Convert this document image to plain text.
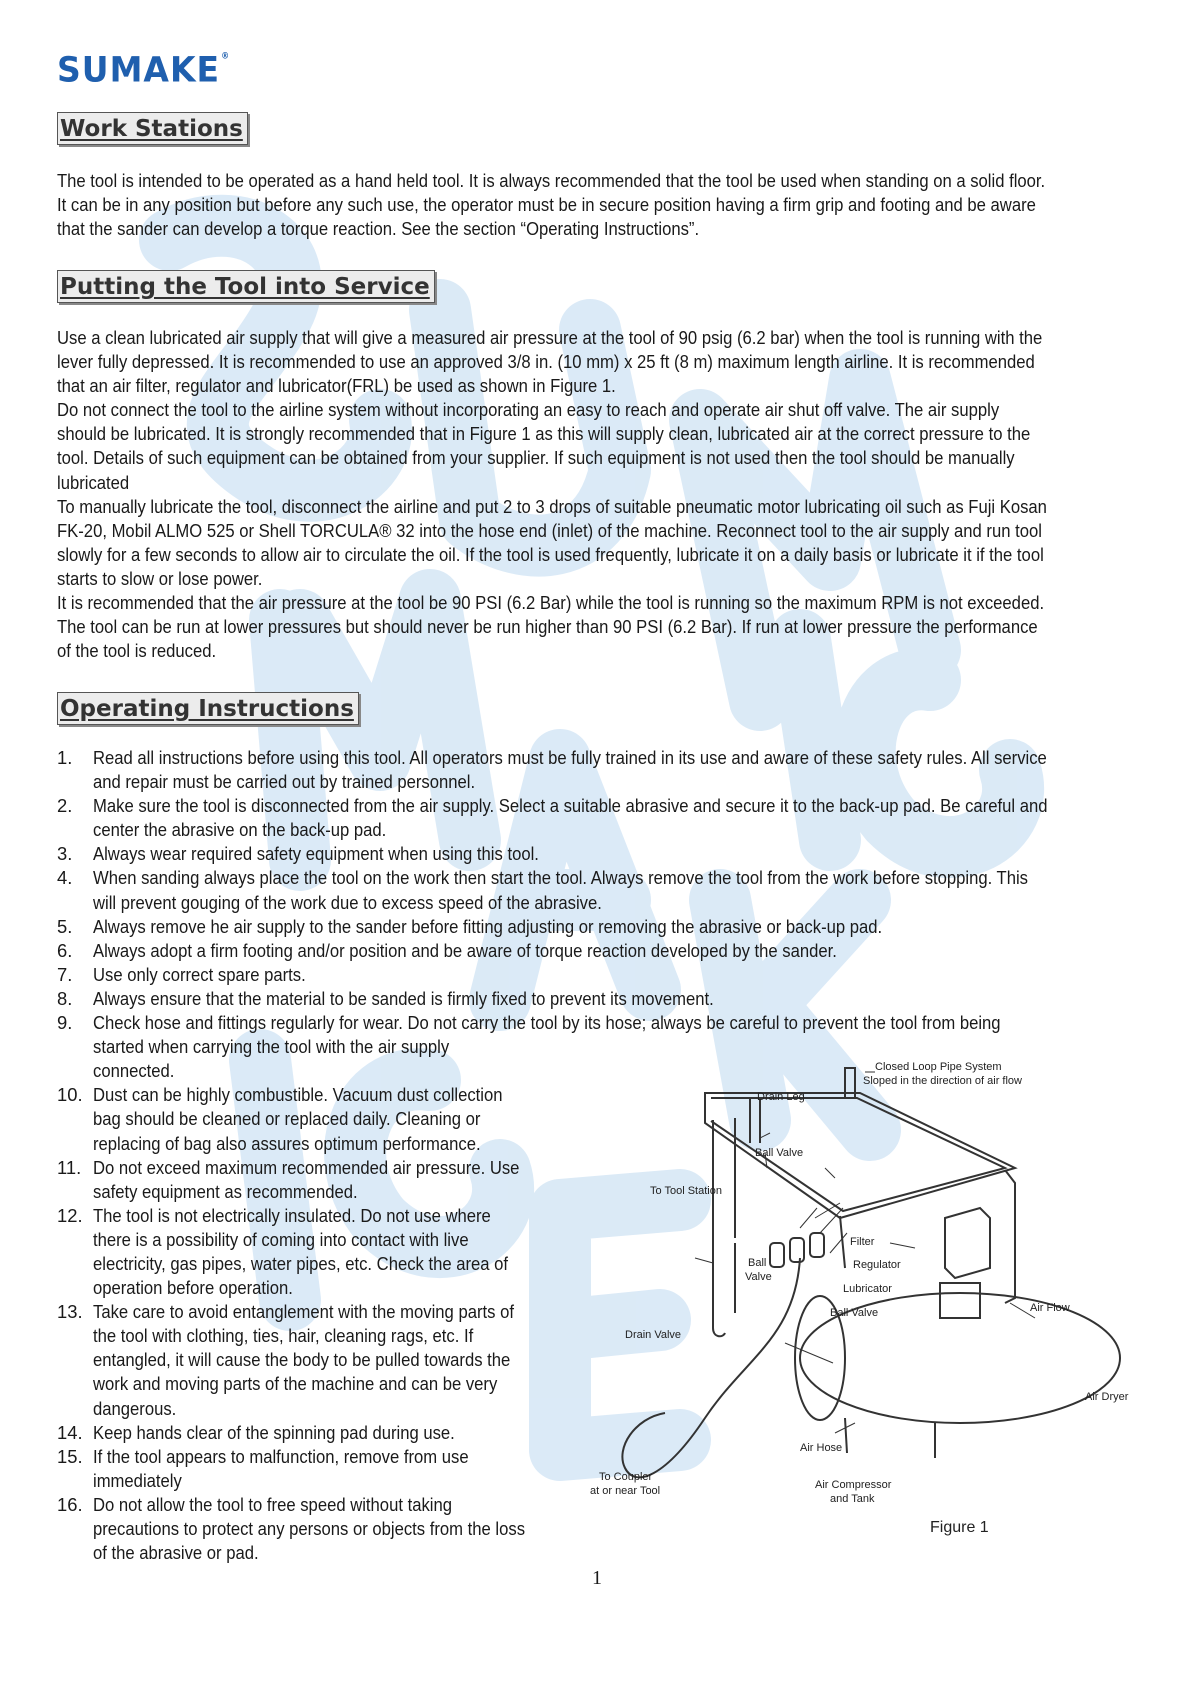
SUMAKE®
Work Stations

The tool is intended to be operated as a hand held tool. It is always recommended that the tool be used when standing on a solid floor.

It can be in any position but before any such use, the operator must be in secure position having a firm grip and footing and be aware

that the sander can develop a torque reaction. See the section “Operating Instructions”.

Putting the Tool into Service

Use a clean lubricated air supply that will give a measured air pressure at the tool of 90 psig (6.2 bar) when the tool is running with the

lever fully depressed. It is recommended to use an approved 3/8 in. (10 mm) x 25 ft (8 m) maximum length airline. It is recommended

that an air filter, regulator and lubricator(FRL) be used as shown in Figure 1.

Do not connect the tool to the airline system without incorporating an easy to reach and operate air shut off valve. The air supply

should be lubricated. It is strongly recommended that in Figure 1 as this will supply clean, lubricated air at the correct pressure to the

tool. Details of such equipment can be obtained from your supplier. If such equipment is not used then the tool should be manually

lubricated

To manually lubricate the tool, disconnect the airline and put 2 to 3 drops of suitable pneumatic motor lubricating oil such as Fuji Kosan

FK-20, Mobil ALMO 525 or Shell TORCULA® 32 into the hose end (inlet) of the machine. Reconnect tool to the air supply and run tool

slowly for a few seconds to allow air to circulate the oil. If the tool is used frequently, lubricate it on a daily basis or lubricate it if the tool

starts to slow or lose power.

It is recommended that the air pressure at the tool be 90 PSI (6.2 Bar) while the tool is running so the maximum RPM is not exceeded.

The tool can be run at lower pressures but should never be run higher than 90 PSI (6.2 Bar). If run at lower pressure the performance

of the tool is reduced.

Operating Instructions
1. Read all instructions before using this tool. All operators must be fully trained in its use and aware of these safety rules. All service
and repair must be carried out by trained personnel.
2. Make sure the tool is disconnected from the air supply. Select a suitable abrasive and secure it to the back-up pad. Be careful and
center the abrasive on the back-up pad.
3. Always wear required safety equipment when using this tool.
4. When sanding always place the tool on the work then start the tool. Always remove the tool from the work before stopping. This
will prevent gouging of the work due to excess speed of the abrasive.
5. Always remove he air supply to the sander before fitting adjusting or removing the abrasive or back-up pad.
6. Always adopt a firm footing and/or position and be aware of torque reaction developed by the sander.
7. Use only correct spare parts.
8. Always ensure that the material to be sanded is firmly fixed to prevent its movement.
9. Check hose and fittings regularly for wear. Do not carry the tool by its hose; always be careful to prevent the tool from being
started when carrying the tool with the air supply
connected.
10. Dust can be highly combustible. Vacuum dust collection
bag should be cleaned or replaced daily. Cleaning or
replacing of bag also assures optimum performance.
11. Do not exceed maximum recommended air pressure. Use
safety equipment as recommended.
12. The tool is not electrically insulated. Do not use where
there is a possibility of coming into contact with live
electricity, gas pipes, water pipes, etc. Check the area of
operation before operation.
13. Take care to avoid entanglement with the moving parts of
the tool with clothing, ties, hair, cleaning rags, etc. If
entangled, it will cause the body to be pulled towards the
work and moving parts of the machine and can be very
dangerous.
14. Keep hands clear of the spinning pad during use.
15. If the tool appears to malfunction, remove from use
immediately
16. Do not allow the tool to free speed without taking
precautions to protect any persons or objects from the loss
of the abrasive or pad.
Closed Loop Pipe System
Sloped in the direction of air flow
Drain Leg
Ball Valve
To Tool Station
Filter
Ball
Valve
Regulator
Lubricator
Ball Valve	Air Flow
Drain Valve
Air Dryer
Air Hose
To Coupler
at or near Tool	Air Compressor
and Tank
Figure 1
1
